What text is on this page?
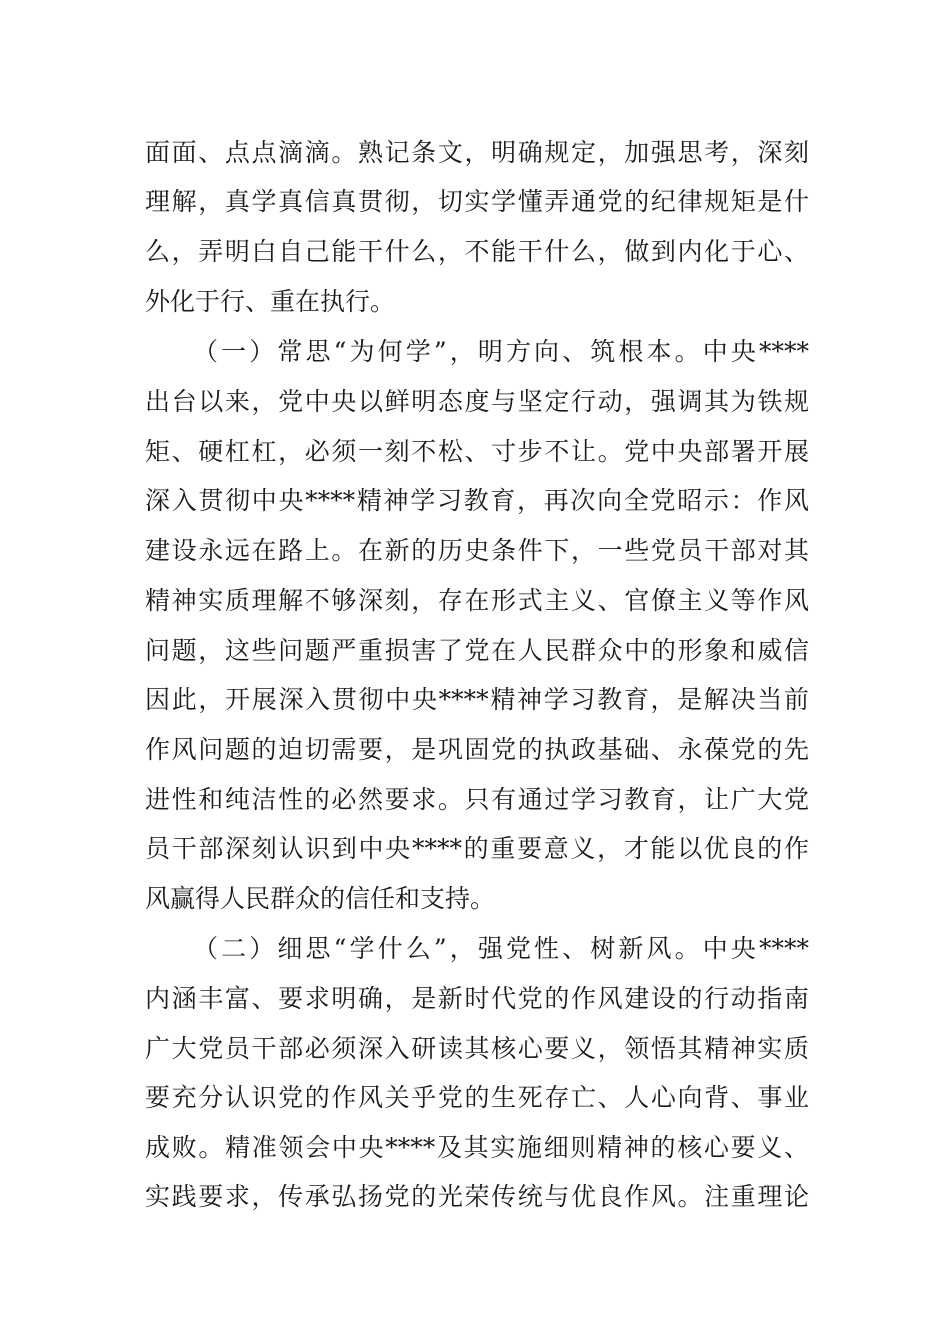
面面、点点滴滴。熟记条文，明确规定，加强思考，深刻
理解，真学真信真贯彻，切实学懂弄通党的纪律规矩是什
么，弄明白自己能干什么，不能干什么，做到内化于心、
外化于行、重在执行。
（一）常思“为何学”，明方向、筑根本。中央****
出台以来，党中央以鲜明态度与坚定行动，强调其为铁规
矩、硬杠杠，必须一刻不松、寸步不让。党中央部署开展
深入贯彻中央****精神学习教育，再次向全党昭示：作风
建设永远在路上。在新的历史条件下，一些党员干部对其
精神实质理解不够深刻，存在形式主义、官僚主义等作风
问题，这些问题严重损害了党在人民群众中的形象和威信
因此，开展深入贯彻中央****精神学习教育，是解决当前
作风问题的迫切需要，是巩固党的执政基础、永葆党的先
进性和纯洁性的必然要求。只有通过学习教育，让广大党
员干部深刻认识到中央****的重要意义，才能以优良的作
风赢得人民群众的信任和支持。
（二）细思“学什么”，强党性、树新风。中央****
内涵丰富、要求明确，是新时代党的作风建设的行动指南
广大党员干部必须深入研读其核心要义，领悟其精神实质
要充分认识党的作风关乎党的生死存亡、人心向背、事业
成败。精准领会中央****及其实施细则精神的核心要义、
实践要求，传承弘扬党的光荣传统与优良作风。注重理论
